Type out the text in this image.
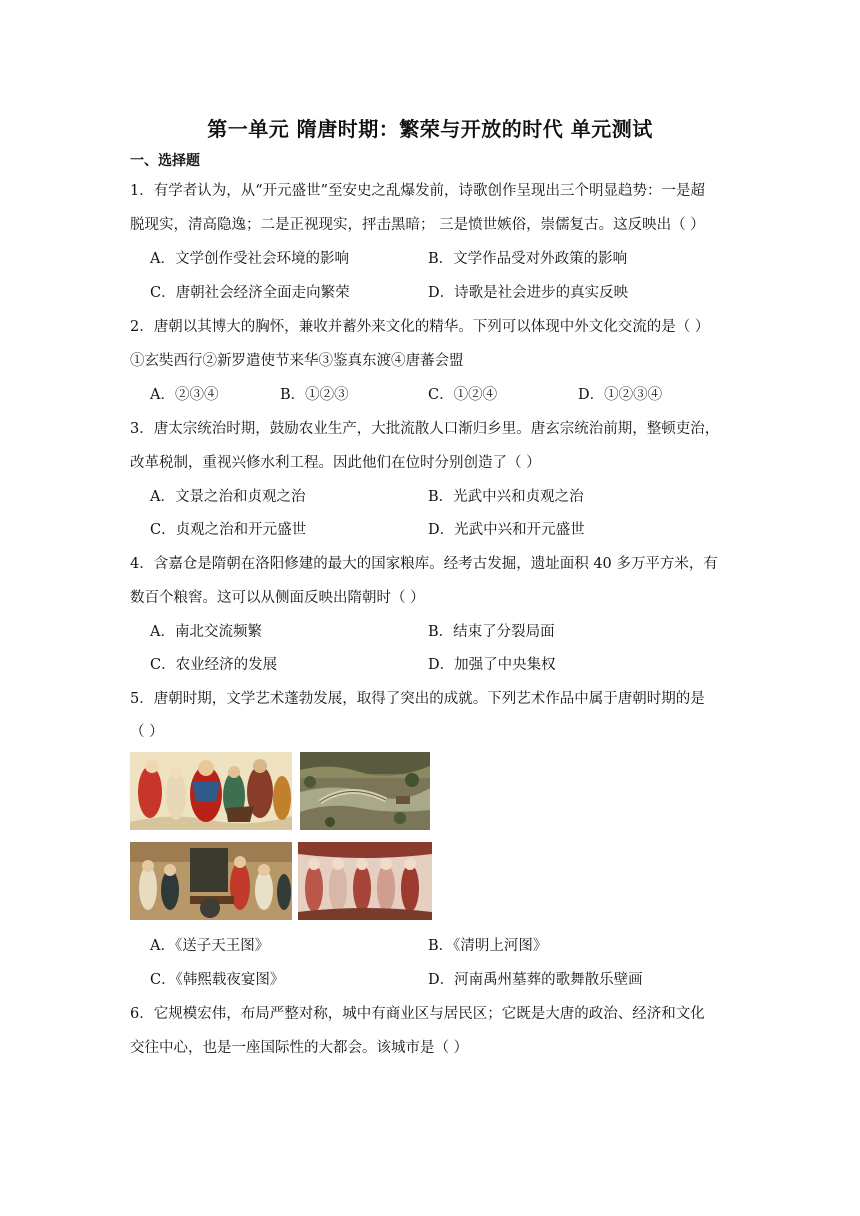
第一单元 隋唐时期：繁荣与开放的时代 单元测试
一、选择题
1．有学者认为，从“开元盛世”至安史之乱爆发前，诗歌创作呈现出三个明显趋势：一是超
脱现实，清高隐逸；二是正视现实，抨击黑暗； 三是愤世嫉俗，崇儒复古。这反映出（ ）
A．文学创作受社会环境的影响	B．文学作品受对外政策的影响
C．唐朝社会经济全面走向繁荣	D．诗歌是社会进步的真实反映
2．唐朝以其博大的胸怀，兼收并蓄外来文化的精华。下列可以体现中外文化交流的是（ ）
①玄奘西行②新罗遣使节来华③鉴真东渡④唐蕃会盟
A．②③④	B．①②③	C．①②④	D．①②③④
3．唐太宗统治时期，鼓励农业生产，大批流散人口渐归乡里。唐玄宗统治前期，整顿吏治，
改革税制，重视兴修水利工程。因此他们在位时分别创造了（ ）
A．文景之治和贞观之治	B．光武中兴和贞观之治
C．贞观之治和开元盛世	D．光武中兴和开元盛世
4．含嘉仓是隋朝在洛阳修建的最大的国家粮库。经考古发掘，遗址面积 40 多万平方米，有
数百个粮窖。这可以从侧面反映出隋朝时（ ）
A．南北交流频繁	B．结束了分裂局面
C．农业经济的发展	D．加强了中央集权
5．唐朝时期，文学艺术蓬勃发展，取得了突出的成就。下列艺术作品中属于唐朝时期的是
（ ）
A．《送子天王图》	B．《清明上河图》
C．《韩熙载夜宴图》	D．河南禹州墓葬的歌舞散乐壁画
6．它规模宏伟，布局严整对称，城中有商业区与居民区；它既是大唐的政治、经济和文化
交往中心，也是一座国际性的大都会。该城市是（ ）
